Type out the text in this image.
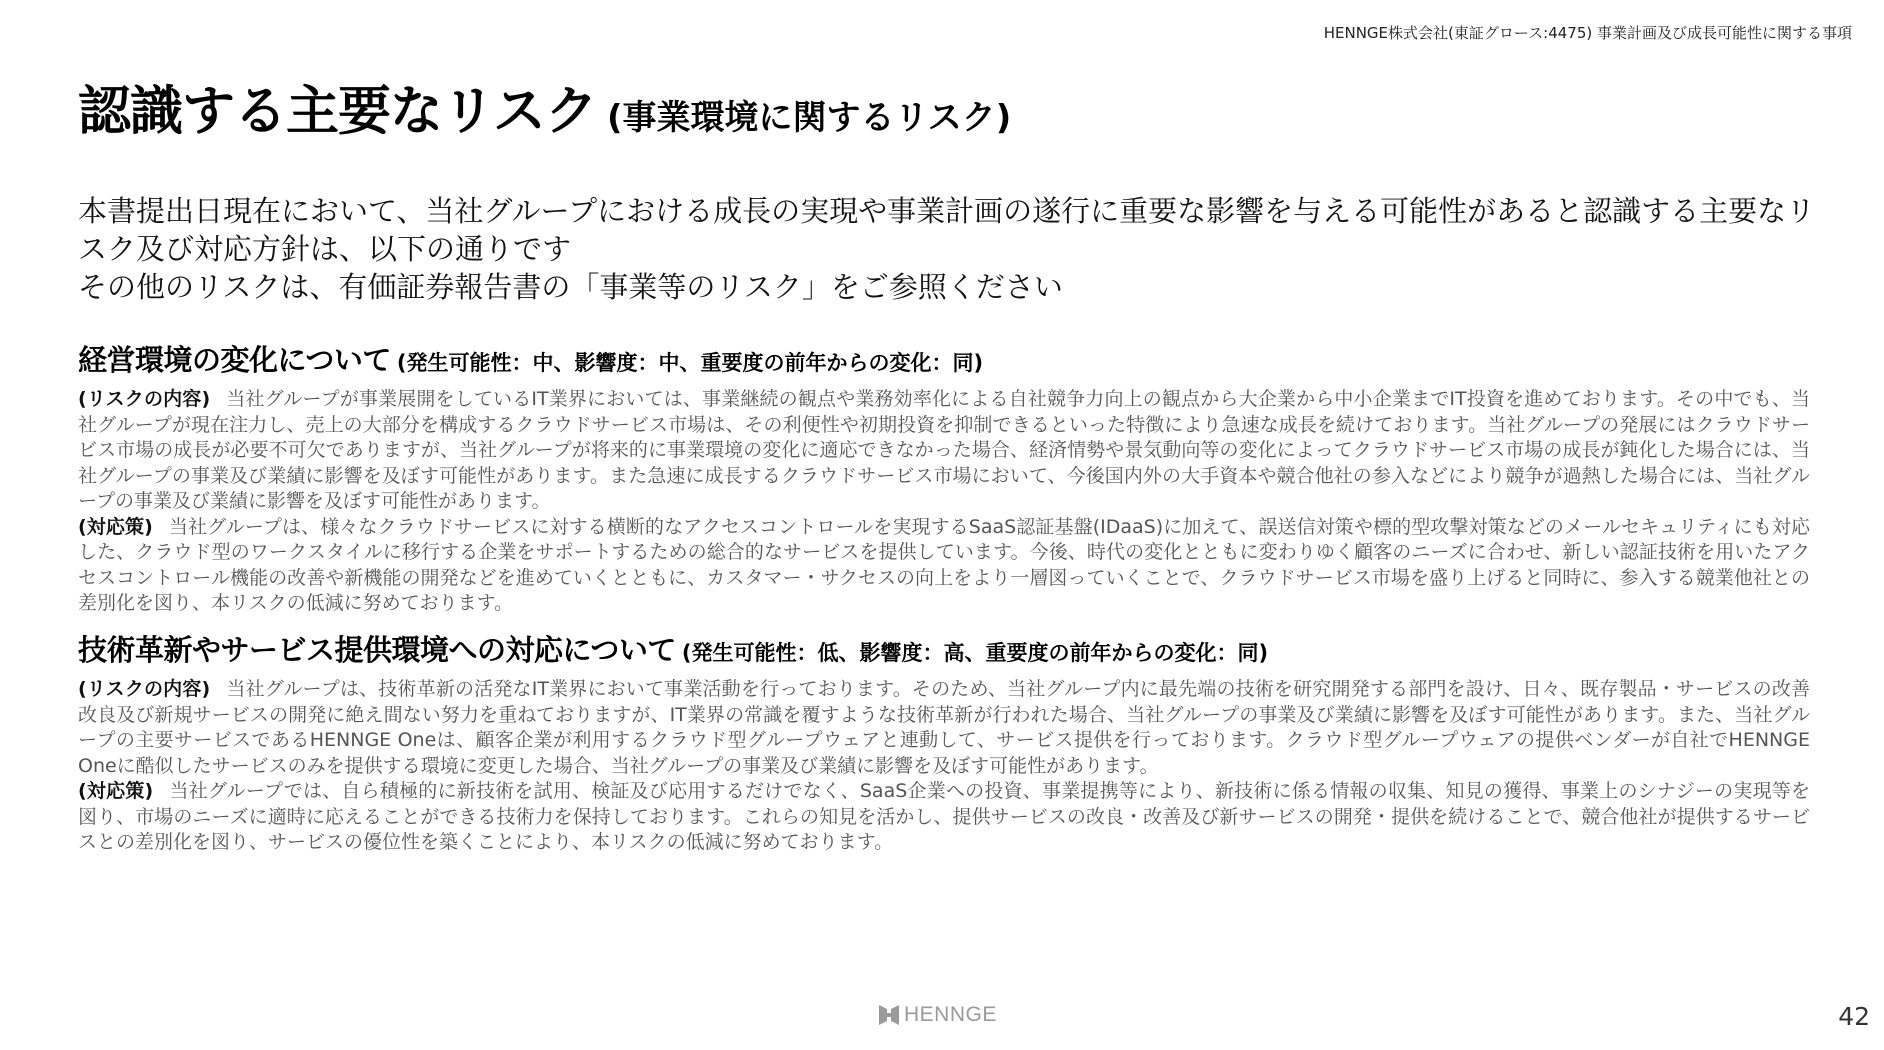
HENNGE株式会社(東証グロース:4475) 事業計画及び成長可能性に関する事項
認識する主要なリスク (事業環境に関するリスク)

本書提出日現在において、当社グループにおける成長の実現や事業計画の遂行に重要な影響を与える可能性があると認識する主要なリスク及び対応方針は、以下の通りです

その他のリスクは、有価証券報告書の「事業等のリスク」をご参照ください

経営環境の変化について (発生可能性：中、影響度：中、重要度の前年からの変化：同)

(リスクの内容) 当社グループが事業展開をしているIT業界においては、事業継続の観点や業務効率化による自社競争力向上の観点から大企業から中小企業までIT投資を進めております。その中でも、当社グループが現在注力し、売上の大部分を構成するクラウドサービス市場は、その利便性や初期投資を抑制できるといった特徴により急速な成長を続けております。当社グループの発展にはクラウドサービス市場の成長が必要不可欠でありますが、当社グループが将来的に事業環境の変化に適応できなかった場合、経済情勢や景気動向等の変化によってクラウドサービス市場の成長が鈍化した場合には、当社グループの事業及び業績に影響を及ぼす可能性があります。また急速に成長するクラウドサービス市場において、今後国内外の大手資本や競合他社の参入などにより競争が過熱した場合には、当社グループの事業及び業績に影響を及ぼす可能性があります。

(対応策) 当社グループは、様々なクラウドサービスに対する横断的なアクセスコントロールを実現するSaaS認証基盤(IDaaS)に加えて、誤送信対策や標的型攻撃対策などのメールセキュリティにも対応した、クラウド型のワークスタイルに移行する企業をサポートするための総合的なサービスを提供しています。今後、時代の変化とともに変わりゆく顧客のニーズに合わせ、新しい認証技術を用いたアクセスコントロール機能の改善や新機能の開発などを進めていくとともに、カスタマー・サクセスの向上をより一層図っていくことで、クラウドサービス市場を盛り上げると同時に、参入する競業他社との差別化を図り、本リスクの低減に努めております。

技術革新やサービス提供環境への対応について (発生可能性：低、影響度：高、重要度の前年からの変化：同)

(リスクの内容) 当社グループは、技術革新の活発なIT業界において事業活動を行っております。そのため、当社グループ内に最先端の技術を研究開発する部門を設け、日々、既存製品・サービスの改善改良及び新規サービスの開発に絶え間ない努力を重ねておりますが、IT業界の常識を覆すような技術革新が行われた場合、当社グループの事業及び業績に影響を及ぼす可能性があります。また、当社グループの主要サービスであるHENNGE Oneは、顧客企業が利用するクラウド型グループウェアと連動して、サービス提供を行っております。クラウド型グループウェアの提供ベンダーが自社でHENNGE Oneに酷似したサービスのみを提供する環境に変更した場合、当社グループの事業及び業績に影響を及ぼす可能性があります。

(対応策) 当社グループでは、自ら積極的に新技術を試用、検証及び応用するだけでなく、SaaS企業への投資、事業提携等により、新技術に係る情報の収集、知見の獲得、事業上のシナジーの実現等を図り、市場のニーズに適時に応えることができる技術力を保持しております。これらの知見を活かし、提供サービスの改良・改善及び新サービスの開発・提供を続けることで、競合他社が提供するサービスとの差別化を図り、サービスの優位性を築くことにより、本リスクの低減に努めております。

HENNGE	42
